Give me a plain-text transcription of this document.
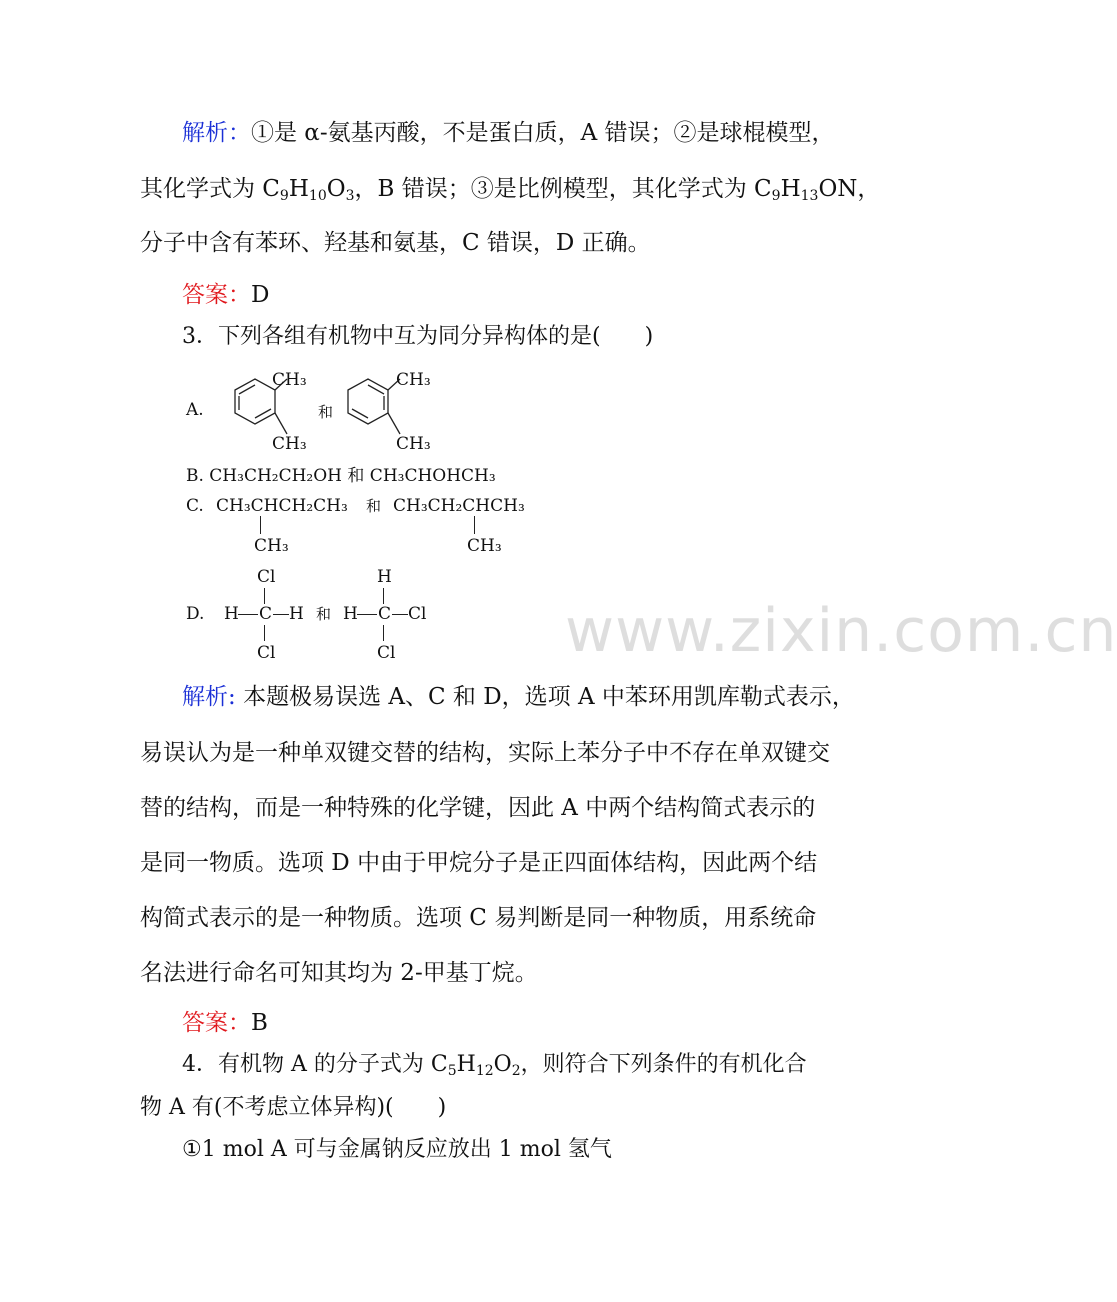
解析：①是 α-氨基丙酸，不是蛋白质，A 错误；②是球棍模型，
其化学式为 $C_9H_{10}O_3$，B 错误；③是比例模型，其化学式为 $C_9H_{13}ON$，
分子中含有苯环、羟基和氨基，C 错误，D 正确。
答案：D
3．下列各组有机物中互为同分异构体的是(　　)
A.
CH₃
CH₃
和
CH₃
CH₃
B. CH₃CH₂CH₂OH 和 CH₃CHOHCH₃
C. CH₃CHCH₂CH₃
CH₃
和 CH₃CH₂CHCH₃
CH₃
D.
Cl
H C H
Cl
和
H
H C Cl
Cl	www.zixin.com.cn
解析: 本题极易误选 A、C 和 D，选项 A 中苯环用凯库勒式表示，
易误认为是一种单双键交替的结构，实际上苯分子中不存在单双键交
替的结构，而是一种特殊的化学键，因此 A 中两个结构简式表示的
是同一物质。选项 D 中由于甲烷分子是正四面体结构，因此两个结
构简式表示的是一种物质。选项 C 易判断是同一种物质，用系统命
名法进行命名可知其均为 2-甲基丁烷。
答案：B
4．有机物 A 的分子式为 $C_5H_{12}O_2$，则符合下列条件的有机化合
物 A 有(不考虑立体异构)(　　)
①1 mol A 可与金属钠反应放出 1 mol 氢气
